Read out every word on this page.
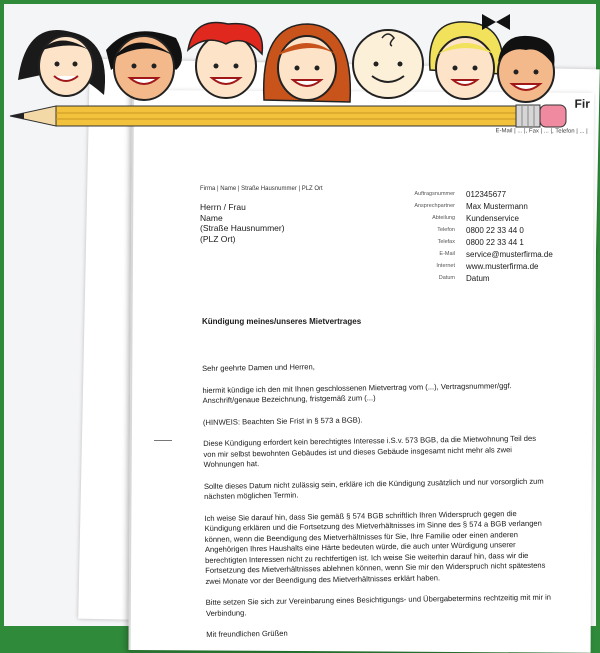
Fir
E-Mail | ... |, Fax | ... |, Telefon | ... |
Firma | Name | Straße Hausnummer | PLZ Ort
Herrn / Frau
Name
(Straße Hausnummer)
(PLZ Ort)
Auftragsnummer	012345677
Ansprechpartner	Max Mustermann
Abteilung	Kundenservice
Telefon	0800 22 33 44 0
Telefax	0800 22 33 44 1
E-Mail	service@musterfirma.de
Internet	www.musterfirma.de
Datum	Datum
Kündigung meines/unseres Mietvertrages

Sehr geehrte Damen und Herren,

hiermit kündige ich den mit Ihnen geschlossenen Mietvertrag vom (...), Vertragsnummer/ggf. Anschrift/genaue Bezeichnung, fristgemäß zum (...)

(HINWEIS: Beachten Sie Frist in § 573 a BGB).

Diese Kündigung erfordert kein berechtigtes Interesse i.S.v. 573 BGB, da die Mietwohnung Teil des von mir selbst bewohnten Gebäudes ist und dieses Gebäude insgesamt nicht mehr als zwei Wohnungen hat.

Sollte dieses Datum nicht zulässig sein, erkläre ich die Kündigung zusätzlich und nur vorsorglich zum nächsten möglichen Termin.

Ich weise Sie darauf hin, dass Sie gemäß § 574 BGB schriftlich Ihren Widerspruch gegen die Kündigung erklären und die Fortsetzung des Mietverhältnisses im Sinne des § 574 a BGB verlangen können, wenn die Beendigung des Mietverhältnisses für Sie, Ihre Familie oder einen anderen Angehörigen Ihres Haushalts eine Härte bedeuten würde, die auch unter Würdigung unserer berechtigten Interessen nicht zu rechtfertigen ist. Ich weise Sie weiterhin darauf hin, dass wir die Fortsetzung des Mietverhältnisses ablehnen können, wenn Sie mir den Widerspruch nicht spätestens zwei Monate vor der Beendigung des Mietverhältnisses erklärt haben.

Bitte setzen Sie sich zur Vereinbarung eines Besichtigungs- und Übergabetermins rechtzeitig mit mir in Verbindung.

Mit freundlichen Grüßen
